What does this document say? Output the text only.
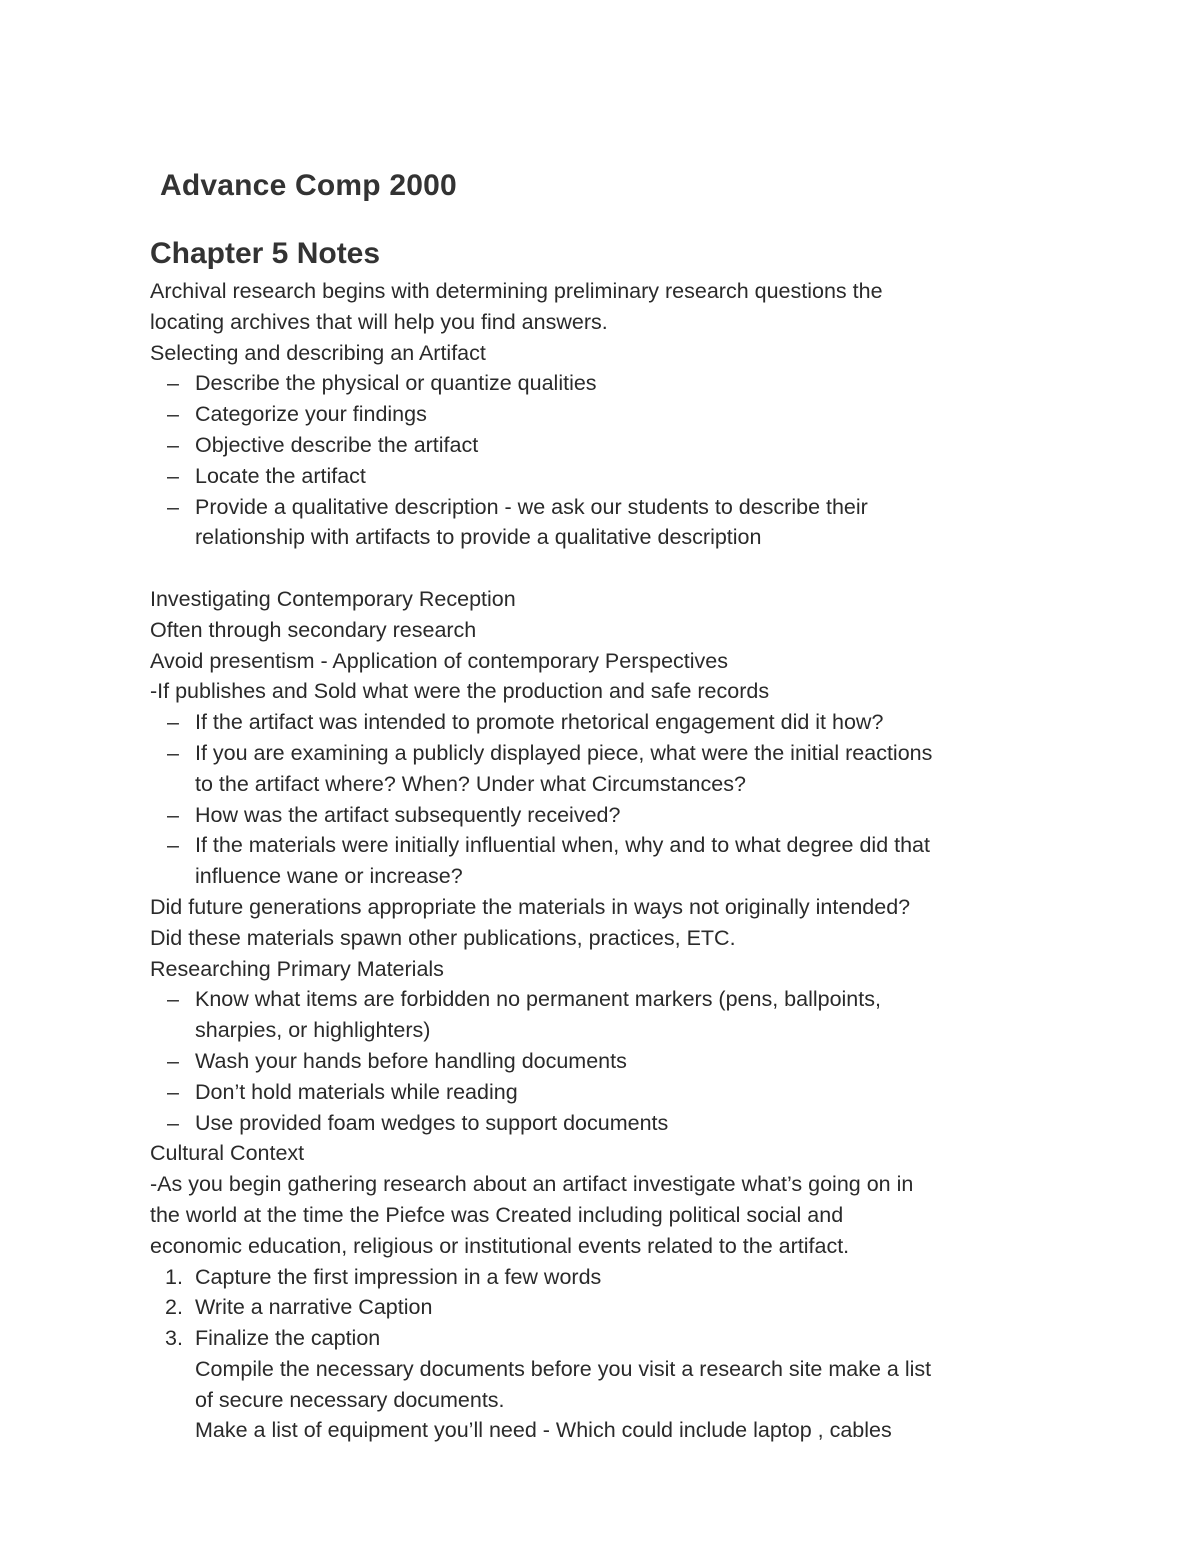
Advance Comp 2000
Chapter 5 Notes
Archival research begins with determining preliminary research questions the
locating archives that will help you find answers.
Selecting and describing an Artifact
– Describe the physical or quantize qualities
– Categorize your findings
– Objective describe the artifact
– Locate the artifact
– Provide a qualitative description - we ask our students to describe their
relationship with artifacts to provide a qualitative description
Investigating Contemporary Reception
Often through secondary research
Avoid presentism - Application of contemporary Perspectives
-If publishes and Sold what were the production and safe records
– If the artifact was intended to promote rhetorical engagement did it how?
– If you are examining a publicly displayed piece, what were the initial reactions
to the artifact where? When? Under what Circumstances?
– How was the artifact subsequently received?
– If the materials were initially influential when, why and to what degree did that
influence wane or increase?
Did future generations appropriate the materials in ways not originally intended?
Did these materials spawn other publications, practices, ETC.
Researching Primary Materials
– Know what items are forbidden no permanent markers (pens, ballpoints,
sharpies, or highlighters)
– Wash your hands before handling documents
– Don’t hold materials while reading
– Use provided foam wedges to support documents
Cultural Context
-As you begin gathering research about an artifact investigate what’s going on in
the world at the time the Piefce was Created including political social and
economic education, religious or institutional events related to the artifact.
1. Capture the first impression in a few words
2. Write a narrative Caption
3. Finalize the caption
Compile the necessary documents before you visit a research site make a list
of secure necessary documents.
Make a list of equipment you’ll need - Which could include laptop , cables
